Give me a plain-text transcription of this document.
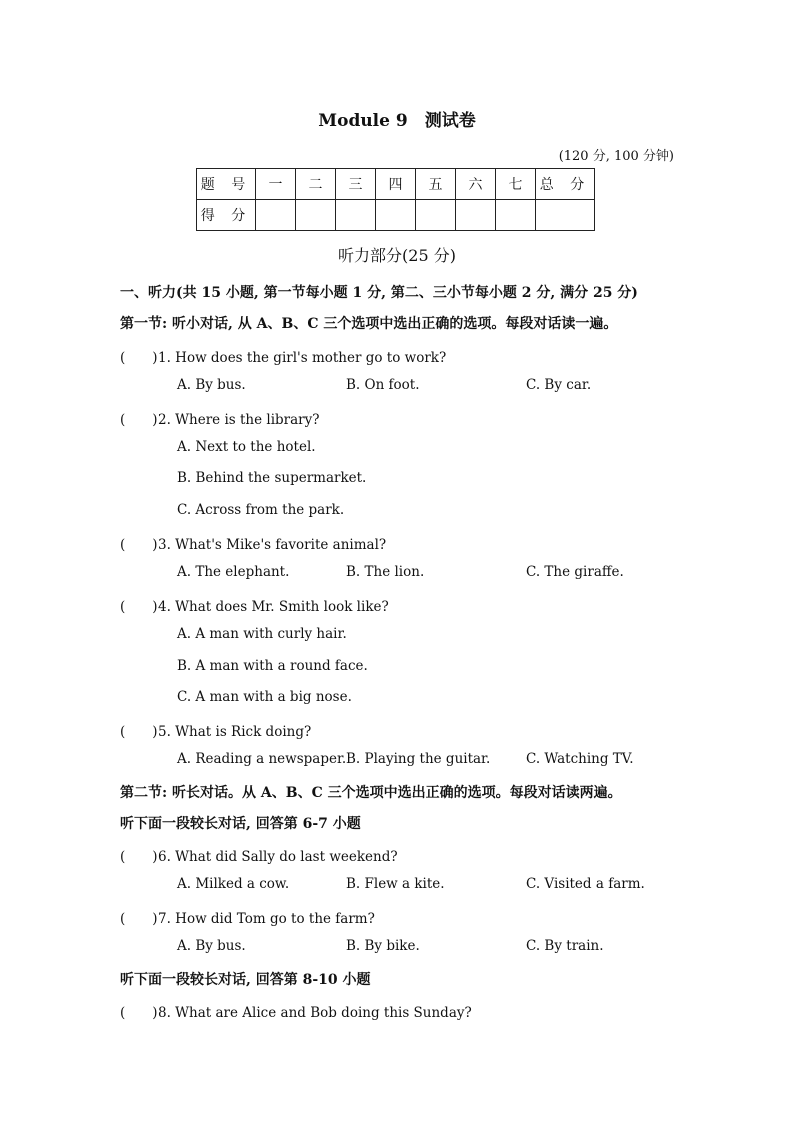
Module 9　测试卷
(120 分, 100 分钟)
题 号	一	二	三	四	五	六	七	总 分
得 分								
听力部分(25 分)
一、听力(共 15 小题, 第一节每小题 1 分, 第二、三小节每小题 2 分, 满分 25 分)
第一节: 听小对话, 从 A、B、C 三个选项中选出正确的选项。每段对话读一遍。
(　　)1. How does the girl's mother go to work?
A. By bus.	B. On foot.	C. By car.
(　　)2. Where is the library?
A. Next to the hotel.
B. Behind the supermarket.
C. Across from the park.
(　　)3. What's Mike's favorite animal?
A. The elephant.	B. The lion.	C. The giraffe.
(　　)4. What does Mr. Smith look like?
A. A man with curly hair.
B. A man with a round face.
C. A man with a big nose.
(　　)5. What is Rick doing?
A. Reading a newspaper. B. Playing the guitar.	C. Watching TV.
第二节: 听长对话。从 A、B、C 三个选项中选出正确的选项。每段对话读两遍。
听下面一段较长对话, 回答第 6-7 小题
(　　)6. What did Sally do last weekend?
A. Milked a cow.	B. Flew a kite.	C. Visited a farm.
(　　)7. How did Tom go to the farm?
A. By bus.	B. By bike.	C. By train.
听下面一段较长对话, 回答第 8-10 小题
(　　)8. What are Alice and Bob doing this Sunday?
